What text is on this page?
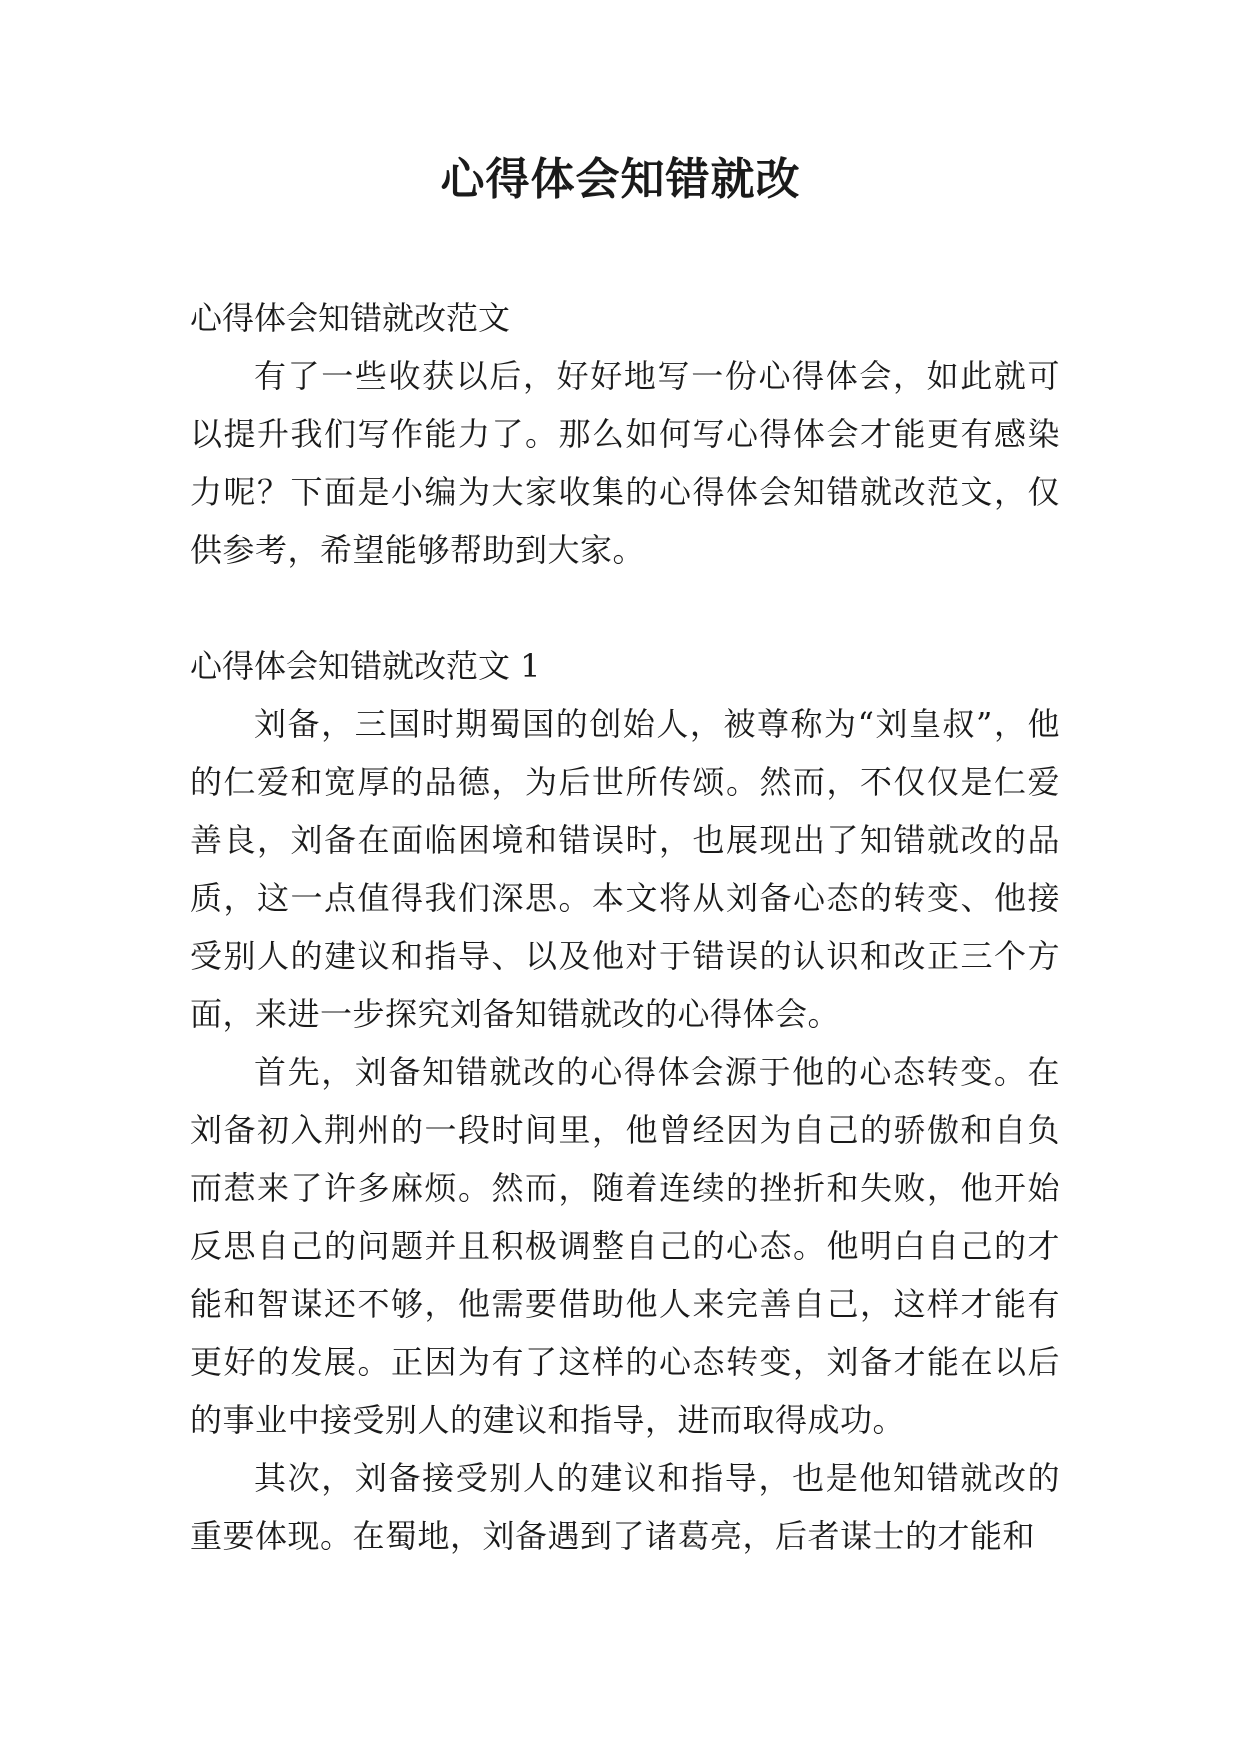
心得体会知错就改

心得体会知错就改范文

有了一些收获以后，好好地写一份心得体会，如此就可以提升我们写作能力了。那么如何写心得体会才能更有感染力呢？下面是小编为大家收集的心得体会知错就改范文，仅供参考，希望能够帮助到大家。

心得体会知错就改范文 1

刘备，三国时期蜀国的创始人，被尊称为“刘皇叔”，他的仁爱和宽厚的品德，为后世所传颂。然而，不仅仅是仁爱善良，刘备在面临困境和错误时，也展现出了知错就改的品质，这一点值得我们深思。本文将从刘备心态的转变、他接受别人的建议和指导、以及他对于错误的认识和改正三个方面，来进一步探究刘备知错就改的心得体会。

首先，刘备知错就改的心得体会源于他的心态转变。在刘备初入荆州的一段时间里，他曾经因为自己的骄傲和自负而惹来了许多麻烦。然而，随着连续的挫折和失败，他开始反思自己的问题并且积极调整自己的心态。他明白自己的才能和智谋还不够，他需要借助他人来完善自己，这样才能有更好的发展。正因为有了这样的心态转变，刘备才能在以后的事业中接受别人的建议和指导，进而取得成功。

其次，刘备接受别人的建议和指导，也是他知错就改的重要体现。在蜀地，刘备遇到了诸葛亮，后者谋士的才能和
